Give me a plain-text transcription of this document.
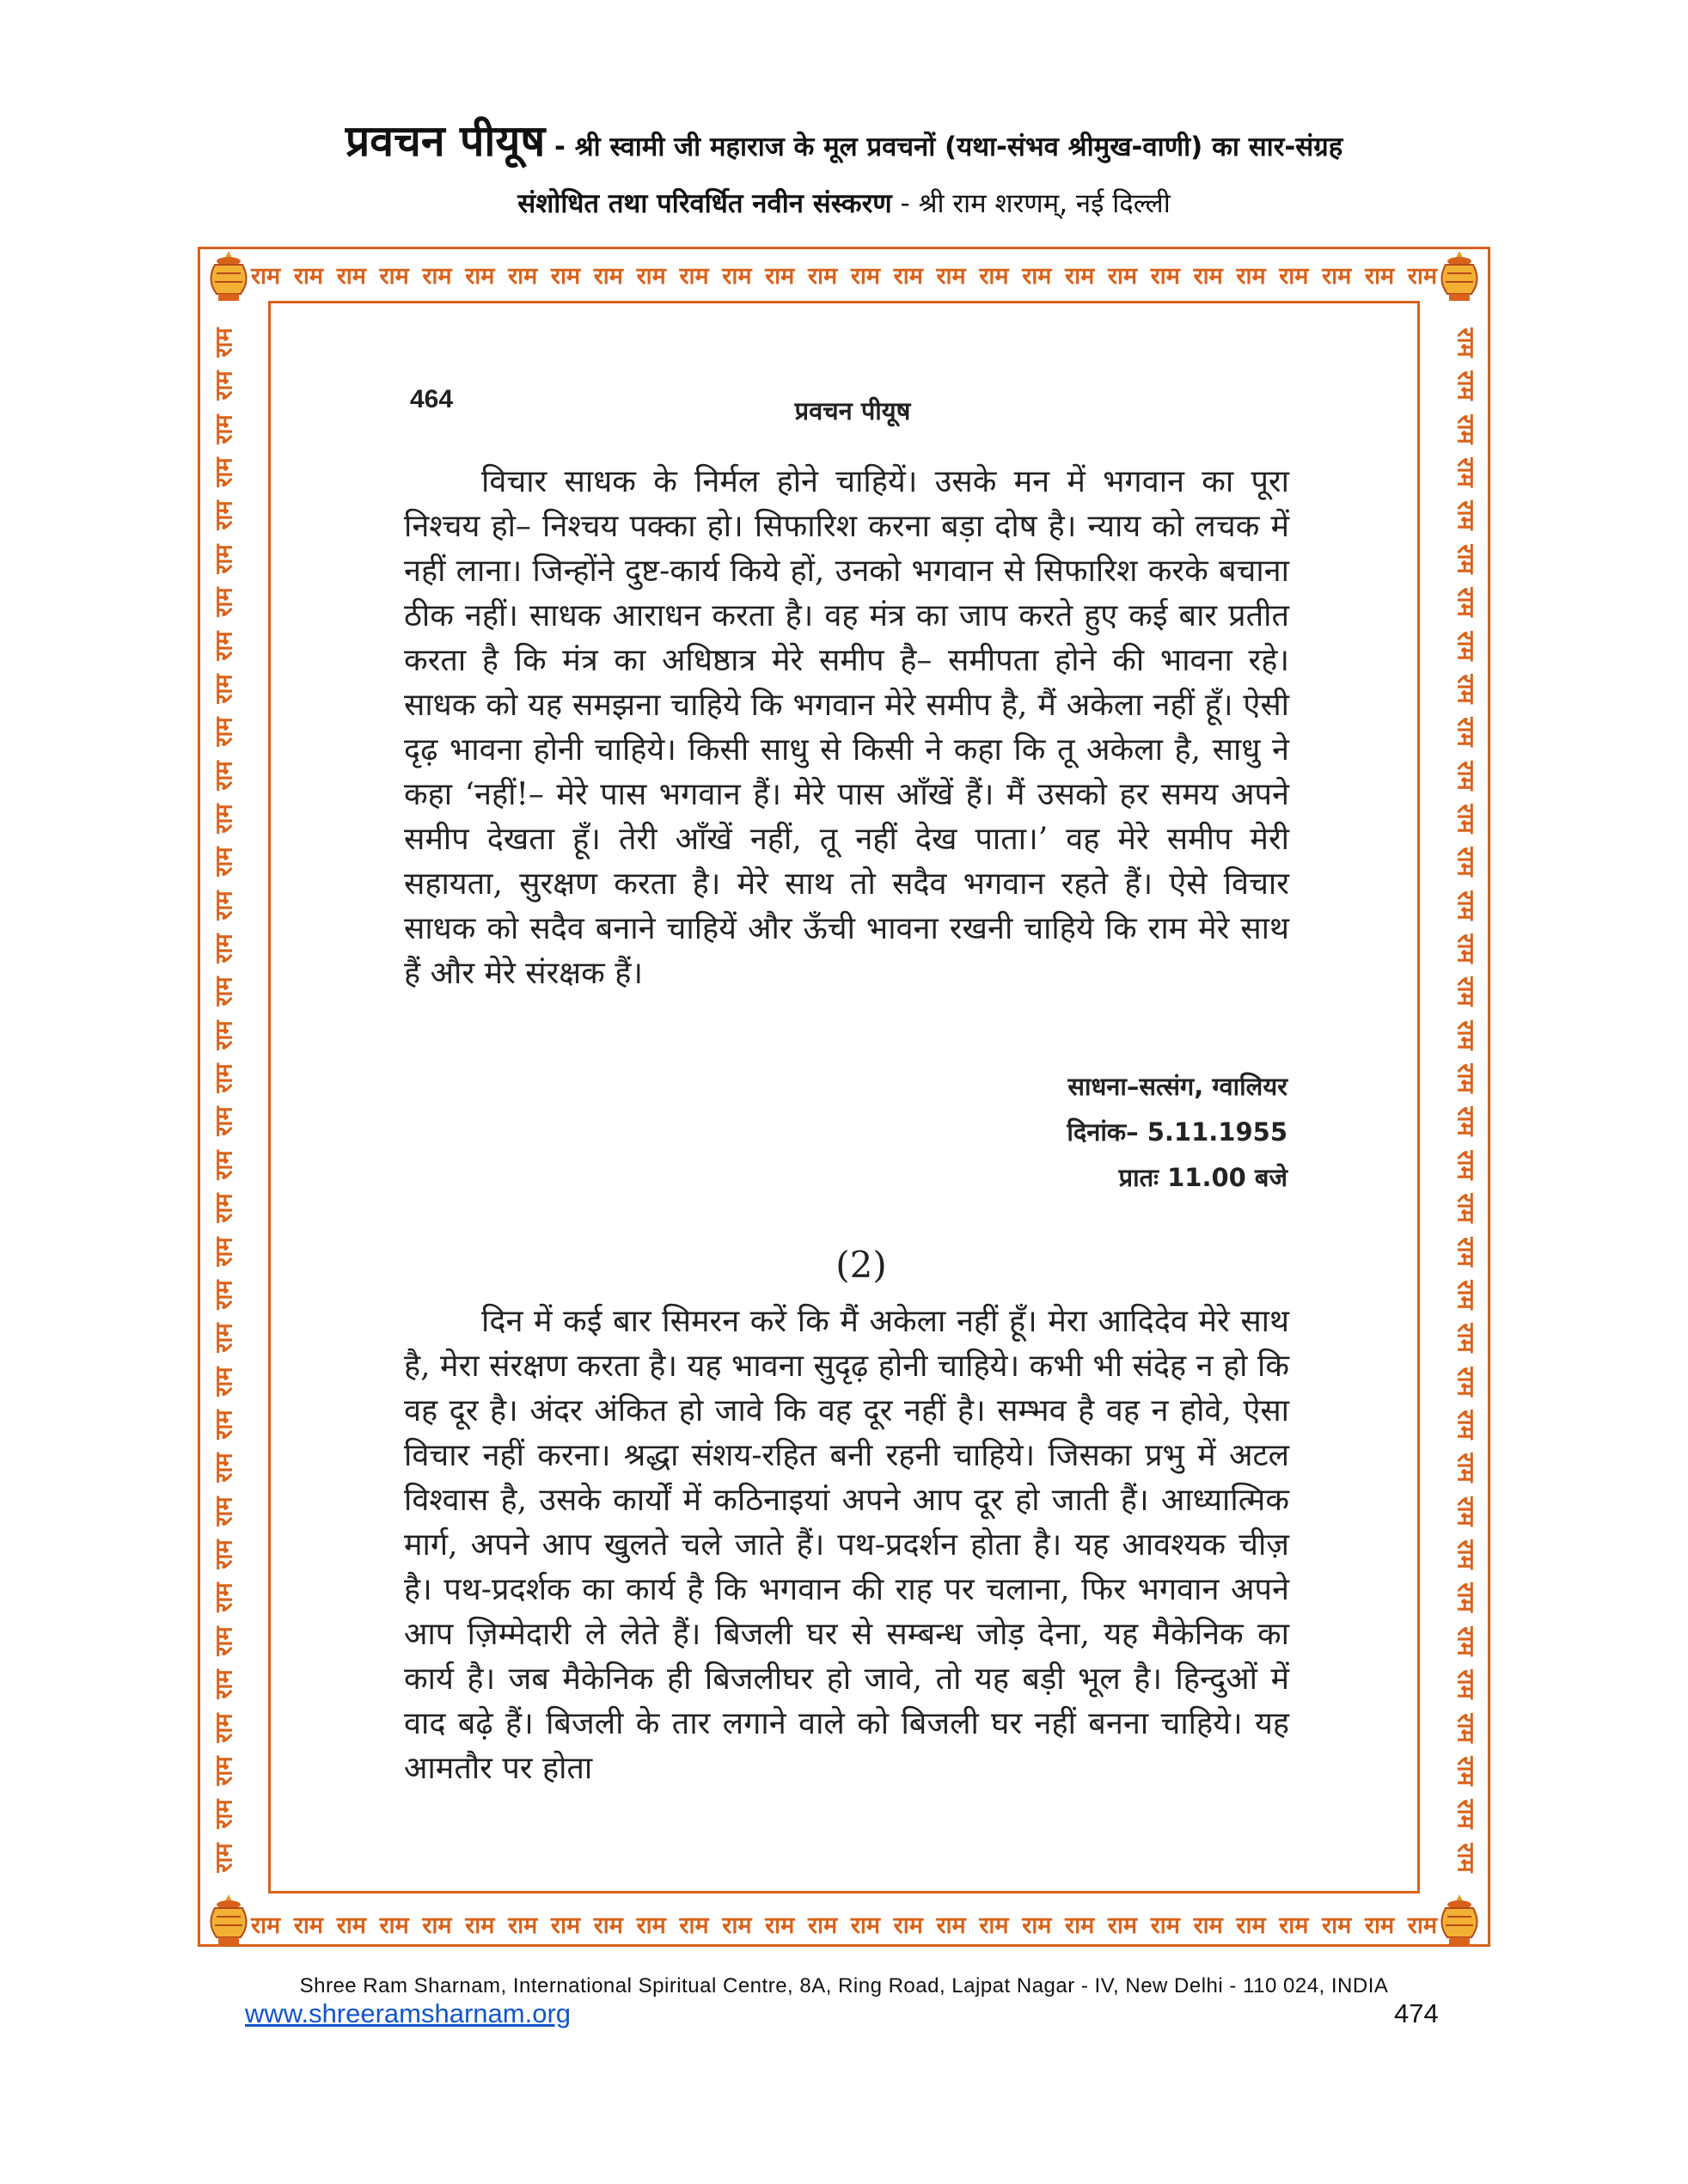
प्रवचन पीयूष - श्री स्वामी जी महाराज के मूल प्रवचनों (यथा-संभव श्रीमुख-वाणी) का सार-संग्रह
संशोधित तथा परिवर्धित नवीन संस्करण - श्री राम शरणम्, नई दिल्ली
राम राम राम राम राम राम राम राम राम राम राम राम राम राम राम राम राम राम राम राम राम राम राम राम राम राम राम राम
राम राम राम राम राम राम राम राम राम राम राम राम राम राम राम राम राम राम राम राम राम राम राम राम राम राम राम राम
राम
राम
राम
राम
राम
राम
राम
राम
राम
राम
राम
राम
राम
राम
राम
राम
राम
राम
राम
राम
राम
राम
राम
राम
राम
राम
राम
राम
राम
राम
राम
राम
राम
राम
राम
राम
राम
राम
राम
राम
राम
राम
राम
राम
राम
राम
राम
राम
राम
राम
राम
राम
राम
राम
राम
राम
राम
राम
राम
राम
राम
राम
राम
राम
राम
राम
राम
राम
राम
राम
राम
राम
464	प्रवचन पीयूष
विचार साधक के निर्मल होने चाहियें। उसके मन में भगवान का पूरा निश्चय हो– निश्चय पक्का हो। सिफारिश करना बड़ा दोष है। न्याय को लचक में नहीं लाना। जिन्होंने दुष्ट-कार्य किये हों, उनको भगवान से सिफारिश करके बचाना ठीक नहीं। साधक आराधन करता है। वह मंत्र का जाप करते हुए कई बार प्रतीत करता है कि मंत्र का अधिष्ठात्र मेरे समीप है– समीपता होने की भावना रहे। साधक को यह समझना चाहिये कि भगवान मेरे समीप है, मैं अकेला नहीं हूँ। ऐसी दृढ़ भावना होनी चाहिये। किसी साधु से किसी ने कहा कि तू अकेला है, साधु ने कहा ‘नहीं!– मेरे पास भगवान हैं। मेरे पास आँखें हैं। मैं उसको हर समय अपने समीप देखता हूँ। तेरी आँखें नहीं, तू नहीं देख पाता।’ वह मेरे समीप मेरी सहायता, सुरक्षण करता है। मेरे साथ तो सदैव भगवान रहते हैं। ऐसे विचार साधक को सदैव बनाने चाहियें और ऊँची भावना रखनी चाहिये कि राम मेरे साथ हैं और मेरे संरक्षक हैं।
साधना–सत्संग, ग्वालियर
दिनांक– 5.11.1955
प्रातः 11.00 बजे
(2)
दिन में कई बार सिमरन करें कि मैं अकेला नहीं हूँ। मेरा आदिदेव मेरे साथ है, मेरा संरक्षण करता है। यह भावना सुदृढ़ होनी चाहिये। कभी भी संदेह न हो कि वह दूर है। अंदर अंकित हो जावे कि वह दूर नहीं है। सम्भव है वह न होवे, ऐसा विचार नहीं करना। श्रद्धा संशय-रहित बनी रहनी चाहिये। जिसका प्रभु में अटल विश्वास है, उसके कार्यों में कठिनाइयां अपने आप दूर हो जाती हैं। आध्यात्मिक मार्ग, अपने आप खुलते चले जाते हैं। पथ-प्रदर्शन होता है। यह आवश्यक चीज़ है। पथ-प्रदर्शक का कार्य है कि भगवान की राह पर चलाना, फिर भगवान अपने आप ज़िम्मेदारी ले लेते हैं। बिजली घर से सम्बन्ध जोड़ देना, यह मैकेनिक का कार्य है। जब मैकेनिक ही बिजलीघर हो जावे, तो यह बड़ी भूल है। हिन्दुओं में वाद बढ़े हैं। बिजली के तार लगाने वाले को बिजली घर नहीं बनना चाहिये। यह आमतौर पर होता
Shree Ram Sharnam, International Spiritual Centre, 8A, Ring Road, Lajpat Nagar - IV, New Delhi - 110 024, INDIA
www.shreeramsharnam.org	474
